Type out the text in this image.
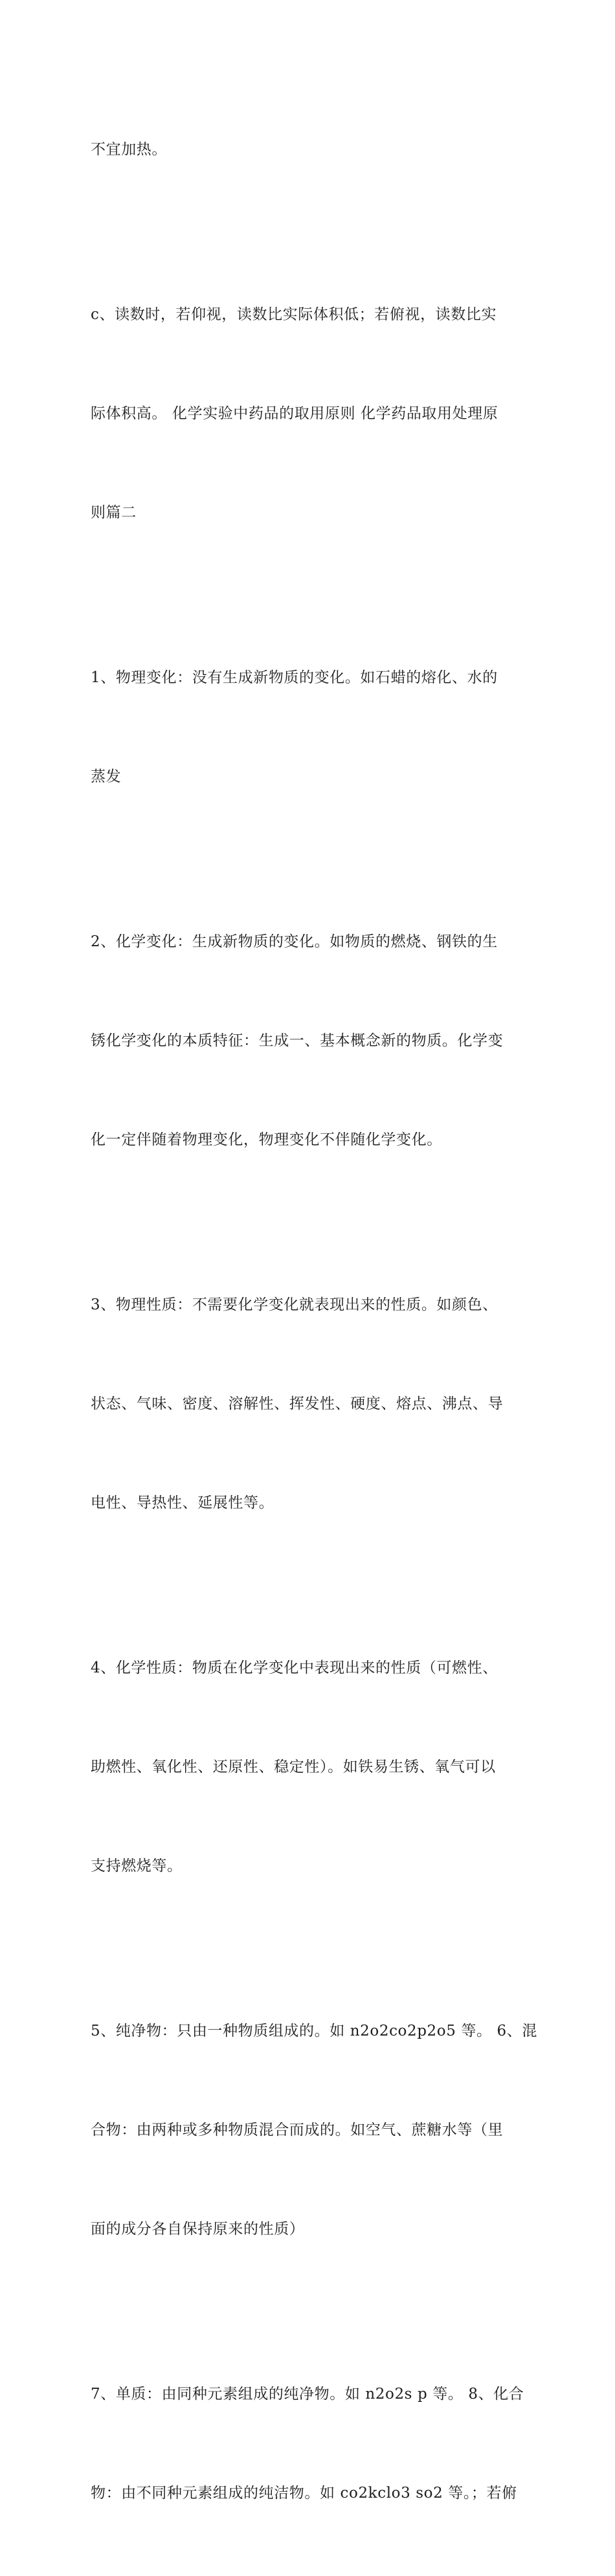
不宜加热。

c、读数时，若仰视，读数比实际体积低；若俯视，读数比实

际体积高。 化学实验中药品的取用原则 化学药品取用处理原

则篇二

1、物理变化：没有生成新物质的变化。如石蜡的熔化、水的

蒸发

2、化学变化：生成新物质的变化。如物质的燃烧、钢铁的生

锈化学变化的本质特征：生成一、基本概念新的物质。化学变

化一定伴随着物理变化，物理变化不伴随化学变化。

3、物理性质：不需要化学变化就表现出来的性质。如颜色、

状态、气味、密度、溶解性、挥发性、硬度、熔点、沸点、导

电性、导热性、延展性等。

4、化学性质：物质在化学变化中表现出来的性质（可燃性、

助燃性、氧化性、还原性、稳定性）。如铁易生锈、氧气可以

支持燃烧等。

5、纯净物：只由一种物质组成的。如 n2o2co2p2o5 等。 6、混

合物：由两种或多种物质混合而成的。如空气、蔗糖水等（里

面的成分各自保持原来的性质）

7、单质：由同种元素组成的纯净物。如 n2o2s p 等。 8、化合

物：由不同种元素组成的纯洁物。如 co2kclo3 so2 等。；若俯
